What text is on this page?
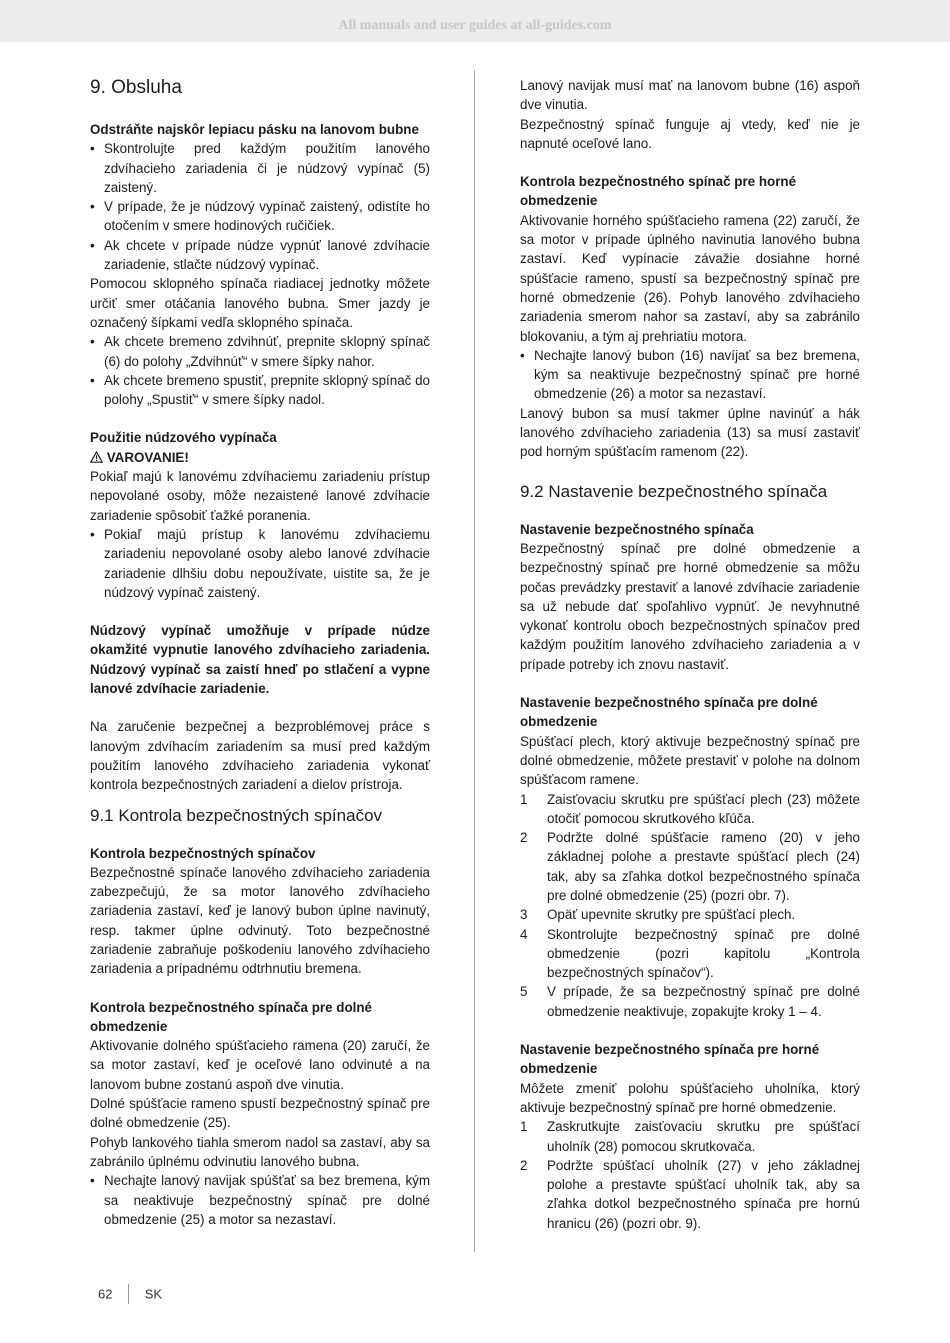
All manuals and user guides at all-guides.com
9. Obsluha
Odstráňte najskôr lepiacu pásku na lanovom bubne
• Skontrolujte pred každým použitím lanového zdvíhacieho zariadenia či je núdzový vypínač (5) zaistený.
• V prípade, že je núdzový vypínač zaistený, odistíte ho otočením v smere hodinových ručičiek.
• Ak chcete v prípade núdze vypnúť lanové zdvíhacie zariadenie, stlačte núdzový vypínač.

Pomocou sklopného spínača riadiacej jednotky môžete určiť smer otáčania lanového bubna. Smer jazdy je označený šípkami vedľa sklopného spínača.

• Ak chcete bremeno zdvihnúť, prepnite sklopný spínač (6) do polohy „Zdvihnúť“ v smere šípky nahor.
• Ak chcete bremeno spustiť, prepnite sklopný spínač do polohy „Spustiť“ v smere šípky nadol.
Použitie núdzového vypínača
VAROVANIE!

Pokiaľ majú k lanovému zdvíhaciemu zariadeniu prístup nepovolané osoby, môže nezaistené lanové zdvíhacie zariadenie spôsobiť ťažké poranenia.

• Pokiaľ majú prístup k lanovému zdvíhaciemu zariadeniu nepovolané osoby alebo lanové zdvíhacie zariadenie dlhšiu dobu nepoužívate, uistite sa, že je núdzový vypínač zaistený.

Núdzový vypínač umožňuje v prípade núdze okamžité vypnutie lanového zdvíhacieho zariadenia. Núdzový vypínač sa zaistí hneď po stlačení a vypne lanové zdvíhacie zariadenie.

Na zaručenie bezpečnej a bezproblémovej práce s lanovým zdvíhacím zariadením sa musí pred každým použitím lanového zdvíhacieho zariadenia vykonať kontrola bezpečnostných zariadení a dielov prístroja.

9.1 Kontrola bezpečnostných spínačov
Kontrola bezpečnostných spínačov

Bezpečnostné spínače lanového zdvíhacieho zariadenia zabezpečujú, že sa motor lanového zdvíhacieho zariadenia zastaví, keď je lanový bubon úplne navinutý, resp. takmer úplne odvinutý. Toto bezpečnostné zariadenie zabraňuje poškodeniu lanového zdvíhacieho zariadenia a prípadnému odtrhnutiu bremena.

Kontrola bezpečnostného spínača pre dolné obmedzenie

Aktivovanie dolného spúšťacieho ramena (20) zaručí, že sa motor zastaví, keď je oceľové lano odvinuté a na lanovom bubne zostanú aspoň dve vinutia.

Dolné spúšťacie rameno spustí bezpečnostný spínač pre dolné obmedzenie (25).

Pohyb lankového tiahla smerom nadol sa zastaví, aby sa zabránilo úplnému odvinutiu lanového bubna.

• Nechajte lanový navijak spúšťať sa bez bremena, kým sa neaktivuje bezpečnostný spínač pre dolné obmedzenie (25) a motor sa nezastaví.

Lanový navijak musí mať na lanovom bubne (16) aspoň dve vinutia.

Bezpečnostný spínač funguje aj vtedy, keď nie je napnuté oceľové lano.

Kontrola bezpečnostného spínač pre horné obmedzenie

Aktivovanie horného spúšťacieho ramena (22) zaručí, že sa motor v prípade úplného navinutia lanového bubna zastaví. Keď vypínacie závažie dosiahne horné spúšťacie rameno, spustí sa bezpečnostný spínač pre horné obmedzenie (26). Pohyb lanového zdvíhacieho zariadenia smerom nahor sa zastaví, aby sa zabránilo blokovaniu, a tým aj prehriatiu motora.

• Nechajte lanový bubon (16) navíjať sa bez bremena, kým sa neaktivuje bezpečnostný spínač pre horné obmedzenie (26) a motor sa nezastaví.

Lanový bubon sa musí takmer úplne navinúť a hák lanového zdvíhacieho zariadenia (13) sa musí zastaviť pod horným spúšťacím ramenom (22).

9.2 Nastavenie bezpečnostného spínača
Nastavenie bezpečnostného spínača

Bezpečnostný spínač pre dolné obmedzenie a bezpečnostný spínač pre horné obmedzenie sa môžu počas prevádzky prestaviť a lanové zdvíhacie zariadenie sa už nebude dať spoľahlivo vypnúť. Je nevyhnutné vykonať kontrolu oboch bezpečnostných spínačov pred každým použitím lanového zdvíhacieho zariadenia a v prípade potreby ich znovu nastaviť.

Nastavenie bezpečnostného spínača pre dolné obmedzenie

Spúšťací plech, ktorý aktivuje bezpečnostný spínač pre dolné obmedzenie, môžete prestaviť v polohe na dolnom spúšťacom ramene.

1 Zaisťovaciu skrutku pre spúšťací plech (23) môžete otočiť pomocou skrutkového kľúča.
2 Podržte dolné spúšťacie rameno (20) v jeho základnej polohe a prestavte spúšťací plech (24) tak, aby sa zľahka dotkol bezpečnostného spínača pre dolné obmedzenie (25) (pozri obr. 7).
3 Opäť upevnite skrutky pre spúšťací plech.
4 Skontrolujte bezpečnostný spínač pre dolné obmedzenie (pozri kapitolu „Kontrola bezpečnostných spínačov“).
5 V prípade, že sa bezpečnostný spínač pre dolné obmedzenie neaktivuje, zopakujte kroky 1 – 4.
Nastavenie bezpečnostného spínača pre horné obmedzenie

Môžete zmeniť polohu spúšťacieho uholníka, ktorý aktivuje bezpečnostný spínač pre horné obmedzenie.

1 Zaskrutkujte zaisťovaciu skrutku pre spúšťací uholník (28) pomocou skrutkovača.
2 Podržte spúšťací uholník (27) v jeho základnej polohe a prestavte spúšťací uholník tak, aby sa zľahka dotkol bezpečnostného spínača pre hornú hranicu (26) (pozri obr. 9).
62 SK
